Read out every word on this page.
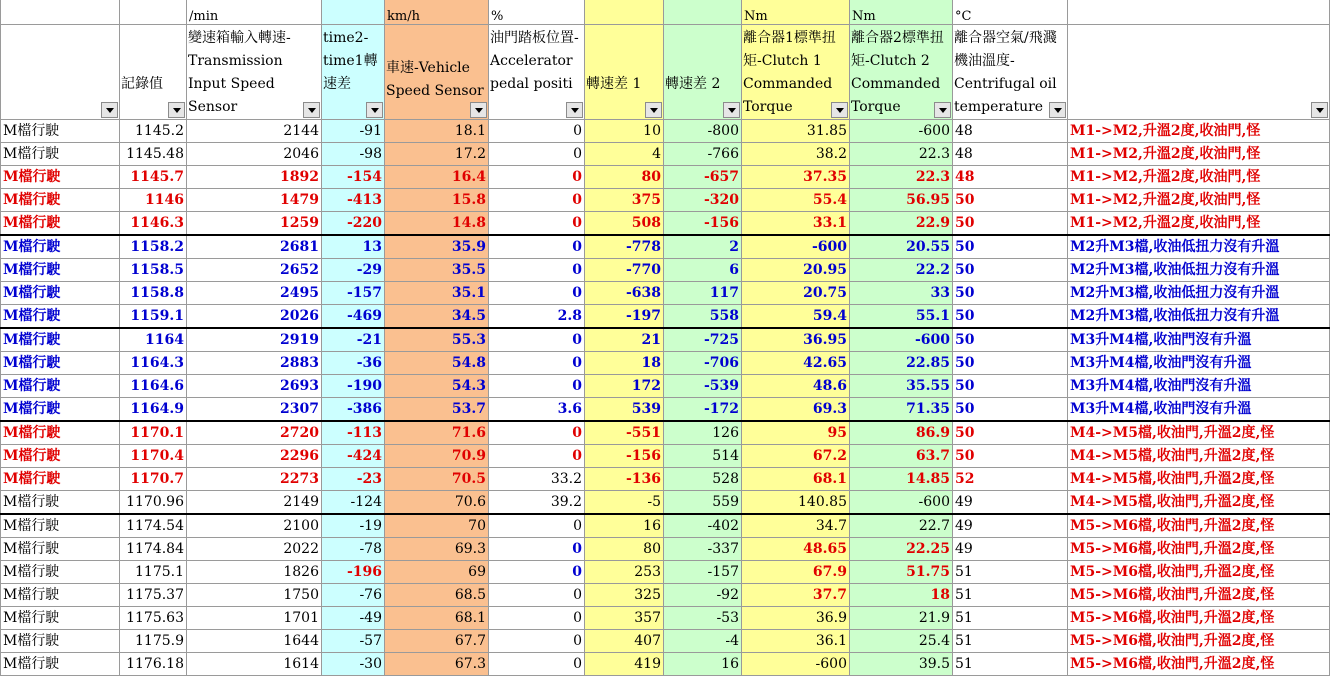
		/min		km/h	%			Nm	Nm	°C	

	記錄值	變速箱輸入轉速-Transmission Input Speed Sensor	time2-time1轉速差	車速-Vehicle Speed Sensor	油門踏板位置-Accelerator pedal positi	轉速差 1	轉速差 2	離合器1標準扭矩-Clutch 1 Commanded Torque	離合器2標準扭矩-Clutch 2 Commanded Torque	離合器空氣/飛濺機油溫度-Centrifugal oil temperature	

M檔行駛	1145.2	2144	-91	18.1	0	10	-800	31.85	-600	48	M1->M2,升溫2度,收油門,怪
M檔行駛	1145.48	2046	-98	17.2	0	4	-766	38.2	22.3	48	M1->M2,升溫2度,收油門,怪
M檔行駛	1145.7	1892	-154	16.4	0	80	-657	37.35	22.3	48	M1->M2,升溫2度,收油門,怪
M檔行駛	1146	1479	-413	15.8	0	375	-320	55.4	56.95	50	M1->M2,升溫2度,收油門,怪
M檔行駛	1146.3	1259	-220	14.8	0	508	-156	33.1	22.9	50	M1->M2,升溫2度,收油門,怪
M檔行駛	1158.2	2681	13	35.9	0	-778	2	-600	20.55	50	M2升M3檔,收油低扭力沒有升溫
M檔行駛	1158.5	2652	-29	35.5	0	-770	6	20.95	22.2	50	M2升M3檔,收油低扭力沒有升溫
M檔行駛	1158.8	2495	-157	35.1	0	-638	117	20.75	33	50	M2升M3檔,收油低扭力沒有升溫
M檔行駛	1159.1	2026	-469	34.5	2.8	-197	558	59.4	55.1	50	M2升M3檔,收油低扭力沒有升溫
M檔行駛	1164	2919	-21	55.3	0	21	-725	36.95	-600	50	M3升M4檔,收油門沒有升溫
M檔行駛	1164.3	2883	-36	54.8	0	18	-706	42.65	22.85	50	M3升M4檔,收油門沒有升溫
M檔行駛	1164.6	2693	-190	54.3	0	172	-539	48.6	35.55	50	M3升M4檔,收油門沒有升溫
M檔行駛	1164.9	2307	-386	53.7	3.6	539	-172	69.3	71.35	50	M3升M4檔,收油門沒有升溫
M檔行駛	1170.1	2720	-113	71.6	0	-551	126	95	86.9	50	M4->M5檔,收油門,升溫2度,怪
M檔行駛	1170.4	2296	-424	70.9	0	-156	514	67.2	63.7	50	M4->M5檔,收油門,升溫2度,怪
M檔行駛	1170.7	2273	-23	70.5	33.2	-136	528	68.1	14.85	52	M4->M5檔,收油門,升溫2度,怪
M檔行駛	1170.96	2149	-124	70.6	39.2	-5	559	140.85	-600	49	M4->M5檔,收油門,升溫2度,怪
M檔行駛	1174.54	2100	-19	70	0	16	-402	34.7	22.7	49	M5->M6檔,收油門,升溫2度,怪
M檔行駛	1174.84	2022	-78	69.3	0	80	-337	48.65	22.25	49	M5->M6檔,收油門,升溫2度,怪
M檔行駛	1175.1	1826	-196	69	0	253	-157	67.9	51.75	51	M5->M6檔,收油門,升溫2度,怪
M檔行駛	1175.37	1750	-76	68.5	0	325	-92	37.7	18	51	M5->M6檔,收油門,升溫2度,怪
M檔行駛	1175.63	1701	-49	68.1	0	357	-53	36.9	21.9	51	M5->M6檔,收油門,升溫2度,怪
M檔行駛	1175.9	1644	-57	67.7	0	407	-4	36.1	25.4	51	M5->M6檔,收油門,升溫2度,怪
M檔行駛	1176.18	1614	-30	67.3	0	419	16	-600	39.5	51	M5->M6檔,收油門,升溫2度,怪
